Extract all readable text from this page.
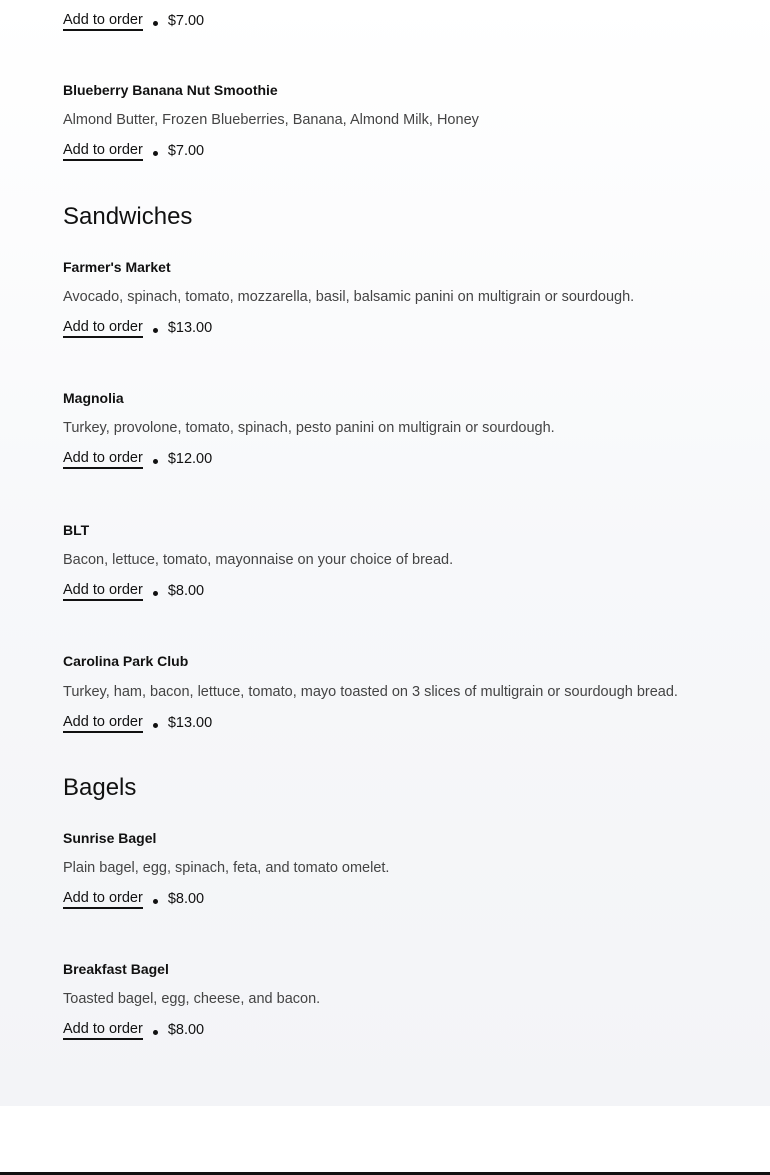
Add to order $7.00
Blueberry Banana Nut Smoothie
Almond Butter, Frozen Blueberries, Banana, Almond Milk, Honey
Add to order $7.00
Sandwiches
Farmer's Market
Avocado, spinach, tomato, mozzarella, basil, balsamic panini on multigrain or sourdough.
Add to order $13.00
Magnolia
Turkey, provolone, tomato, spinach, pesto panini on multigrain or sourdough.
Add to order $12.00
BLT
Bacon, lettuce, tomato, mayonnaise on your choice of bread.
Add to order $8.00
Carolina Park Club
Turkey, ham, bacon, lettuce, tomato, mayo toasted on 3 slices of multigrain or sourdough bread.
Add to order $13.00
Bagels
Sunrise Bagel
Plain bagel, egg, spinach, feta, and tomato omelet.
Add to order $8.00
Breakfast Bagel
Toasted bagel, egg, cheese, and bacon.
Add to order $8.00
